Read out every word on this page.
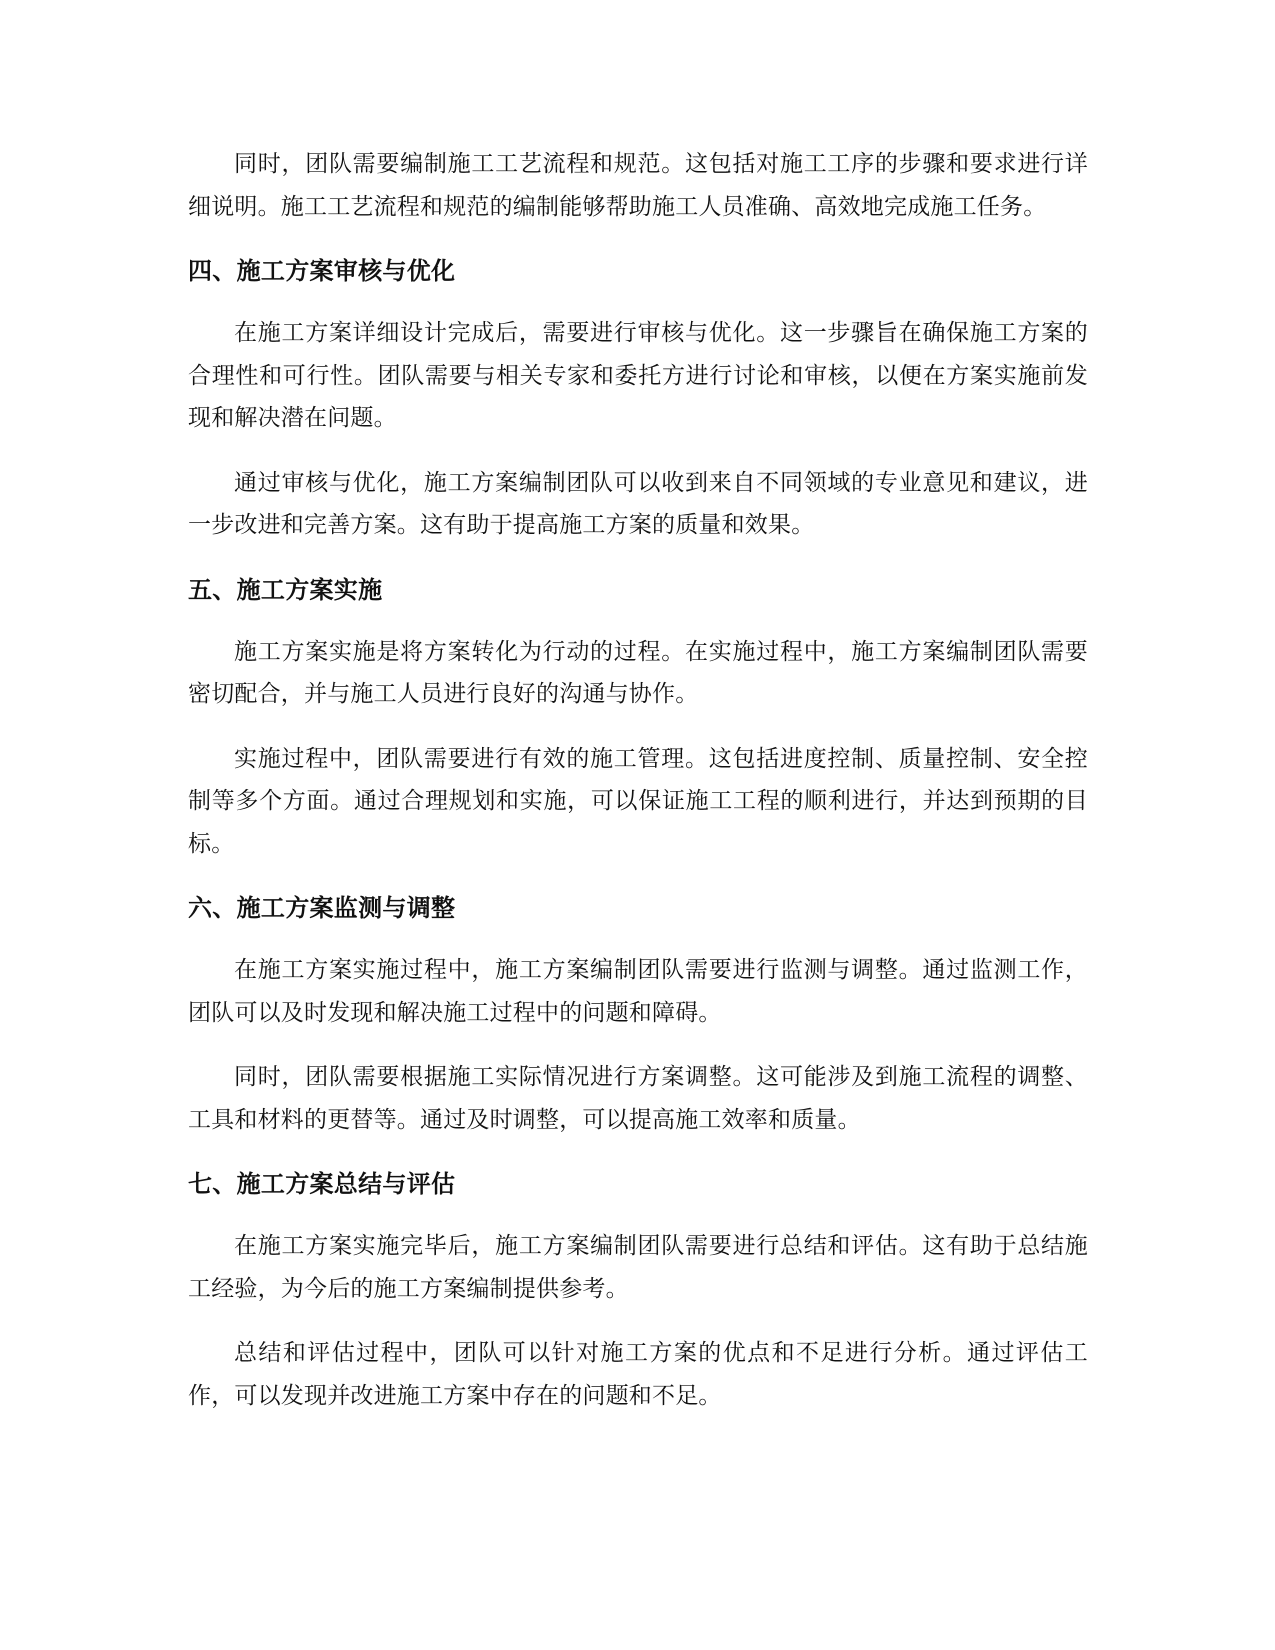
同时，团队需要编制施工工艺流程和规范。这包括对施工工序的步骤和要求进行详细说明。施工工艺流程和规范的编制能够帮助施工人员准确、高效地完成施工任务。

四、施工方案审核与优化

在施工方案详细设计完成后，需要进行审核与优化。这一步骤旨在确保施工方案的合理性和可行性。团队需要与相关专家和委托方进行讨论和审核，以便在方案实施前发现和解决潜在问题。

通过审核与优化，施工方案编制团队可以收到来自不同领域的专业意见和建议，进一步改进和完善方案。这有助于提高施工方案的质量和效果。

五、施工方案实施

施工方案实施是将方案转化为行动的过程。在实施过程中，施工方案编制团队需要密切配合，并与施工人员进行良好的沟通与协作。

实施过程中，团队需要进行有效的施工管理。这包括进度控制、质量控制、安全控制等多个方面。通过合理规划和实施，可以保证施工工程的顺利进行，并达到预期的目标。

六、施工方案监测与调整

在施工方案实施过程中，施工方案编制团队需要进行监测与调整。通过监测工作，团队可以及时发现和解决施工过程中的问题和障碍。

同时，团队需要根据施工实际情况进行方案调整。这可能涉及到施工流程的调整、工具和材料的更替等。通过及时调整，可以提高施工效率和质量。

七、施工方案总结与评估

在施工方案实施完毕后，施工方案编制团队需要进行总结和评估。这有助于总结施工经验，为今后的施工方案编制提供参考。

总结和评估过程中，团队可以针对施工方案的优点和不足进行分析。通过评估工作，可以发现并改进施工方案中存在的问题和不足。
